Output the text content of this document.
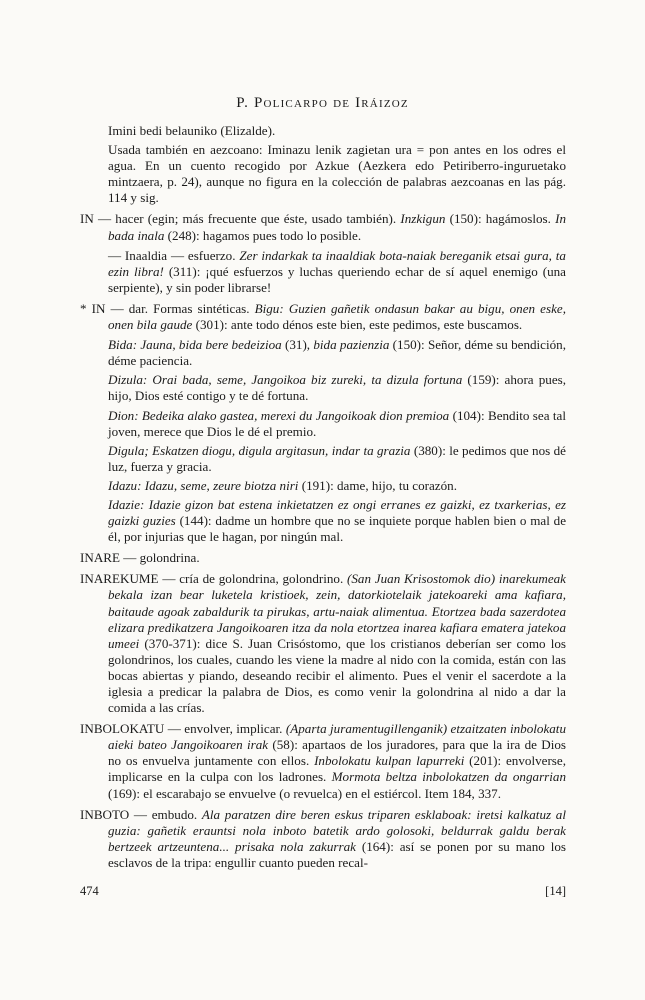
P. Policarpo de Iráizoz

Imini bedi belauniko (Elizalde).

Usada también en aezcoano: Iminazu lenik zagietan ura = pon antes en los odres el agua. En un cuento recogido por Azkue (Aezkera edo Petiriberro-inguruetako mintzaera, p. 24), aunque no figura en la colección de palabras aezcoanas en las pág. 114 y sig.

IN — hacer (egin; más frecuente que éste, usado también). Inzkigun (150): hagámoslos. In bada inala (248): hagamos pues todo lo posible.

— Inaaldia — esfuerzo. Zer indarkak ta inaaldiak bota-naiak bereganik etsai gura, ta ezin libra! (311): ¡qué esfuerzos y luchas queriendo echar de sí aquel enemigo (una serpiente), y sin poder librarse!

* IN — dar. Formas sintéticas. Bigu: Guzien gañetik ondasun bakar au bigu, onen eske, onen bila gaude (301): ante todo dénos este bien, este pedimos, este buscamos.

Bida: Jauna, bida bere bedeizioa (31), bida pazienzia (150): Señor, déme su bendición, déme paciencia.

Dizula: Orai bada, seme, Jangoikoa biz zureki, ta dizula fortuna (159): ahora pues, hijo, Dios esté contigo y te dé fortuna.

Dion: Bedeika alako gastea, merexi du Jangoikoak dion premioa (104): Bendito sea tal joven, merece que Dios le dé el premio.

Digula; Eskatzen diogu, digula argitasun, indar ta grazia (380): le pedimos que nos dé luz, fuerza y gracia.

Idazu: Idazu, seme, zeure biotza niri (191): dame, hijo, tu corazón.

Idazie: Idazie gizon bat estena inkietatzen ez ongi erranes ez gaizki, ez txarkerias, ez gaizki guzies (144): dadme un hombre que no se inquiete porque hablen bien o mal de él, por injurias que le hagan, por ningún mal.

INARE — golondrina.

INAREKUME — cría de golondrina, golondrino. (San Juan Krisostomok dio) inarekumeak bekala izan bear luketela kristioek, zein, datorkiotelaik jatekoareki ama kafiara, baitaude agoak zabaldurik ta pirukas, artu-naiak alimentua. Etortzea bada sazerdotea elizara predikatzera Jangoikoaren itza da nola etortzea inarea kafiara ematera jatekoa umeei (370-371): dice S. Juan Crisóstomo, que los cristianos deberían ser como los golondrinos, los cuales, cuando les viene la madre al nido con la comida, están con las bocas abiertas y piando, deseando recibir el alimento. Pues el venir el sacerdote a la iglesia a predicar la palabra de Dios, es como venir la golondrina al nido a dar la comida a las crías.

INBOLOKATU — envolver, implicar. (Aparta juramentugillenganik) etzaitzaten inbolokatu aieki bateo Jangoikoaren irak (58): apartaos de los juradores, para que la ira de Dios no os envuelva juntamente con ellos. Inbolokatu kulpan lapurreki (201): envolverse, implicarse en la culpa con los ladrones. Mormota beltza inbolokatzen da ongarrian (169): el escarabajo se envuelve (o revuelca) en el estiércol. Item 184, 337.

INBOTO — embudo. Ala paratzen dire beren eskus triparen esklaboak: iretsi kalkatuz al guzia: gañetik erauntsi nola inboto batetik ardo golosoki, beldurrak galdu berak bertzeek artzeuntena... prisaka nola zakurrak (164): así se ponen por su mano los esclavos de la tripa: engullir cuanto pueden recal-

474	[14]
